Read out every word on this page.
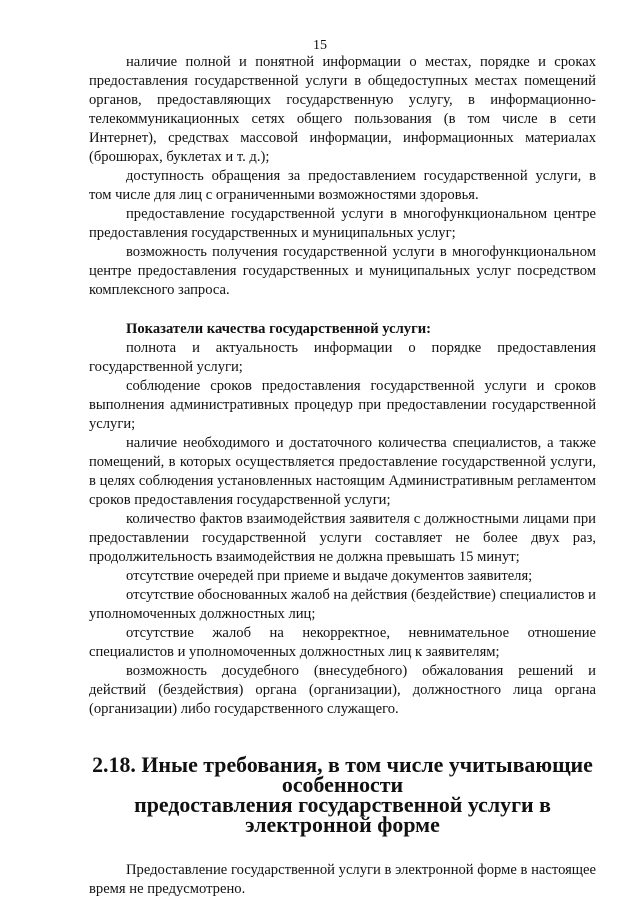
15

наличие полной и понятной информации о местах, порядке и сроках предоставления государственной услуги в общедоступных местах помещений органов, предоставляющих государственную услугу, в информационно-телекоммуникационных сетях общего пользования (в том числе в сети Интернет), средствах массовой информации, информационных материалах (брошюрах, буклетах и т. д.);

доступность обращения за предоставлением государственной услуги, в том числе для лиц с ограниченными возможностями здоровья.

предоставление государственной услуги в многофункциональном центре предоставления государственных и муниципальных услуг;

возможность получения государственной услуги в многофункциональном центре предоставления государственных и муниципальных услуг посредством комплексного запроса.

Показатели качества государственной услуги:

полнота и актуальность информации о порядке предоставления государственной услуги;

соблюдение сроков предоставления государственной услуги и сроков выполнения административных процедур при предоставлении государственной услуги;

наличие необходимого и достаточного количества специалистов, а также помещений, в которых осуществляется предоставление государственной услуги, в целях соблюдения установленных настоящим Административным регламентом сроков предоставления государственной услуги;

количество фактов взаимодействия заявителя с должностными лицами при предоставлении государственной услуги составляет не более двух раз, продолжительность взаимодействия не должна превышать 15 минут;

отсутствие очередей при приеме и выдаче документов заявителя;

отсутствие обоснованных жалоб на действия (бездействие) специалистов и уполномоченных должностных лиц;

отсутствие жалоб на некорректное, невнимательное отношение специалистов и уполномоченных должностных лиц к заявителям;

возможность досудебного (внесудебного) обжалования решений и действий (бездействия) органа (организации), должностного лица органа (организации) либо государственного служащего.

2.18. Иные требования, в том числе учитывающие особенности
предоставления государственной услуги в электронной форме

Предоставление государственной услуги в электронной форме в настоящее время не предусмотрено.
